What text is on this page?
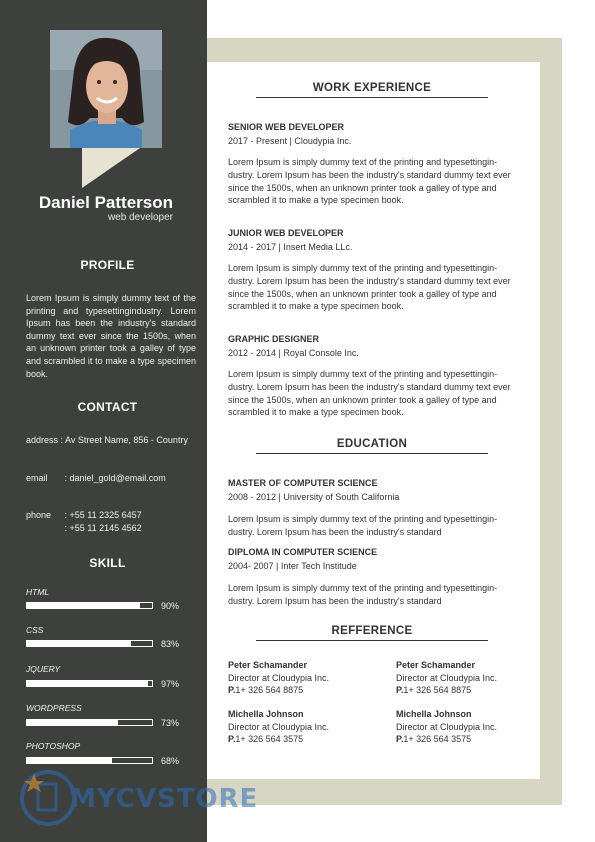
Daniel Patterson
web developer
PROFILE
Lorem Ipsum is simply dummy text of the printing and typesettingindustry. Lorem Ipsum has been the industry's standard dummy text ever since the 1500s, when an unknown printer took a galley of type and scrambled it to make a type specimen book.
CONTACT
address : Av Street Name, 856 - Country
email : daniel_gold@email.com
phone : +55 11 2325 6457
: +55 11 2145 4562
SKILL
HTML
90%
CSS
83%
JQUERY
97%
WORDPRESS
73%
PHOTOSHOP
68%
WORK EXPERIENCE
SENIOR WEB DEVELOPER
2017 - Present | Cloudypia Inc.
Lorem Ipsum is simply dummy text of the printing and typesettingin-dustry. Lorem Ipsum has been the industry's standard dummy text ever since the 1500s, when an unknown printer took a galley of type and scrambled it to make a type specimen book.
JUNIOR WEB DEVELOPER
2014 - 2017 | Insert Media LLc.
Lorem Ipsum is simply dummy text of the printing and typesettingin-dustry. Lorem Ipsum has been the industry's standard dummy text ever since the 1500s, when an unknown printer took a galley of type and scrambled it to make a type specimen book.
GRAPHIC DESIGNER
2012 - 2014 | Royal Console Inc.
Lorem Ipsum is simply dummy text of the printing and typesettingin-dustry. Lorem Ipsum has been the industry's standard dummy text ever since the 1500s, when an unknown printer took a galley of type and scrambled it to make a type specimen book.
EDUCATION
MASTER OF COMPUTER SCIENCE
2008 - 2012 | University of South California
Lorem Ipsum is simply dummy text of the printing and typesettingin-dustry. Lorem Ipsum has been the industry's standard
DIPLOMA IN COMPUTER SCIENCE
2004- 2007 | Inter Tech Institude
Lorem Ipsum is simply dummy text of the printing and typesettingin-dustry. Lorem Ipsum has been the industry's standard
REFFERENCE
Peter Schamander
Director at Cloudypia Inc.
P.1+ 326 564 8875
Peter Schamander
Director at Cloudypia Inc.
P.1+ 326 564 8875
Michella Johnson
Director at Cloudypia Inc.
P.1+ 326 564 3575
Michella Johnson
Director at Cloudypia Inc.
P.1+ 326 564 3575
MYCVSTORE
